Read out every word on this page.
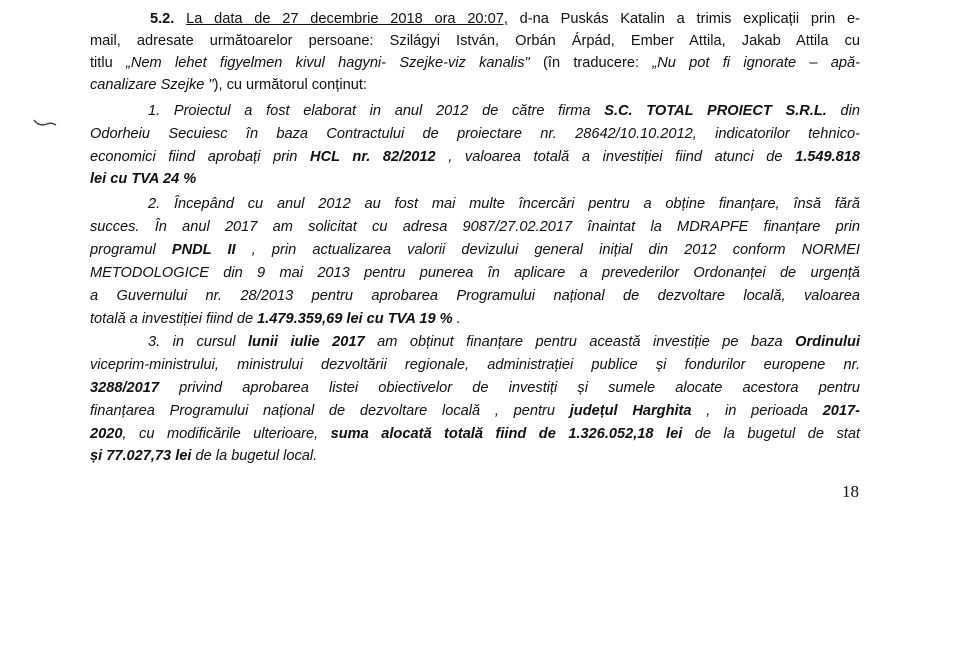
5.2. La data de 27 decembrie 2018 ora 20:07, d-na Puskás Katalin a trimis explicații prin e-
mail, adresate următoarelor persoane: Szilágyi István, Orbán Árpád, Ember Attila, Jakab Attila cu
titlu „Nem lehet figyelmen kivul hagyni- Szejke-viz kanalis" (în traducere: „Nu pot fi ignorate – apă-
canalizare Szejke "), cu următorul conținut:
1. Proiectul a fost elaborat in anul 2012 de către firma S.C. TOTAL PROIECT S.R.L. din
Odorheiu Secuiesc în baza Contractului de proiectare nr. 28642/10.10.2012, indicatorilor tehnico-
economici fiind aprobați prin HCL nr. 82/2012 , valoarea totală a investiției fiind atunci de 1.549.818
lei cu TVA 24 %
2. Începând cu anul 2012 au fost mai multe încercări pentru a obține finanțare, însă fără
succes. În anul 2017 am solicitat cu adresa 9087/27.02.2017 înaintat la MDRAPFE finanțare prin
programul PNDL II , prin actualizarea valorii devizului general inițial din 2012 conform NORMEI
METODOLOGICE din 9 mai 2013 pentru punerea în aplicare a prevederilor Ordonanței de urgență
a Guvernului nr. 28/2013 pentru aprobarea Programului național de dezvoltare locală, valoarea
totală a investiției fiind de 1.479.359,69 lei cu TVA 19 % .
3. in cursul lunii iulie 2017 am obținut finanțare pentru această investiție pe baza Ordinului
viceprim-ministrului, ministrului dezvoltării regionale, administrației publice și fondurilor europene nr.
3288/2017 privind aprobarea listei obiectivelor de investiți și sumele alocate acestora pentru
finanțarea Programului național de dezvoltare locală , pentru județul Harghita , in perioada 2017-
2020, cu modificările ulterioare, suma alocată totală fiind de 1.326.052,18 lei de la bugetul de stat
și 77.027,73 lei de la bugetul local.
18
